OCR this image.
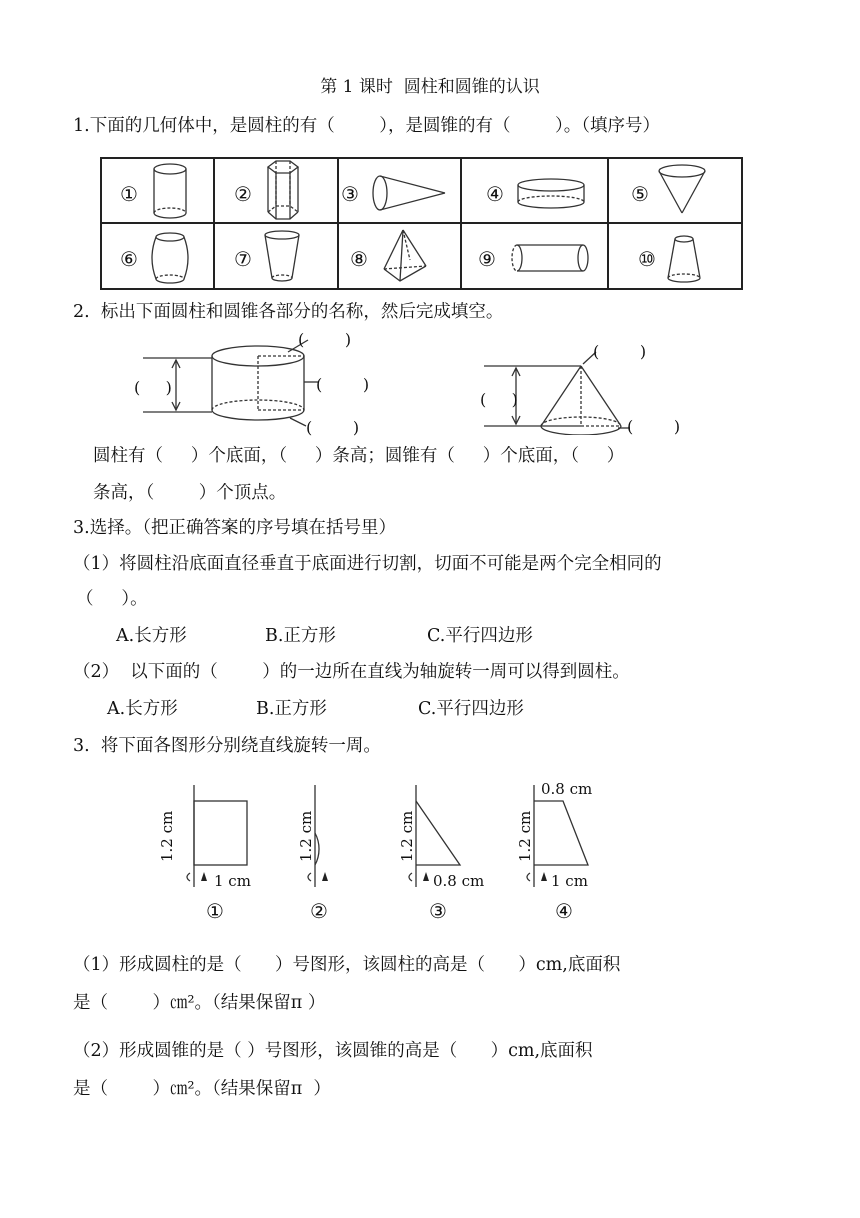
第 1 课时  圆柱和圆锥的认识
1.下面的几何体中，是圆柱的有（        ），是圆锥的有（        ）。（填序号）
①	②	③	④	⑤
⑥	⑦	⑧	⑨	⑩
2.  标出下面圆柱和圆锥各部分的名称，然后完成填空。
(        )
(     )	(        )
(        )
(        )
(     )
(        )
圆柱有（     ）个底面，（     ）条高；圆锥有（     ）个底面，（     ）
条高，（        ）个顶点。
3.选择。（把正确答案的序号填在括号里）
（1）将圆柱沿底面直径垂直于底面进行切割，切面不可能是两个完全相同的
（     ）。
A.长方形	B.正方形	C.平行四边形
（2）  以下面的（        ）的一边所在直线为轴旋转一周可以得到圆柱。
A.长方形	B.正方形	C.平行四边形
3.  将下面各图形分别绕直线旋转一周。
1.2 cm	1.2 cm	1.2 cm	1.2 cm
1 cm	0.8 cm
0.8 cm
1 cm
①	②	③	④
（1）形成圆柱的是（      ）号图形，该圆柱的高是（      ）cm,底面积
是（        ）㎝²。（结果保留π ）
（2）形成圆锥的是（ ）号图形，该圆锥的高是（      ）cm,底面积
是（        ）㎝²。（结果保留π  ）
